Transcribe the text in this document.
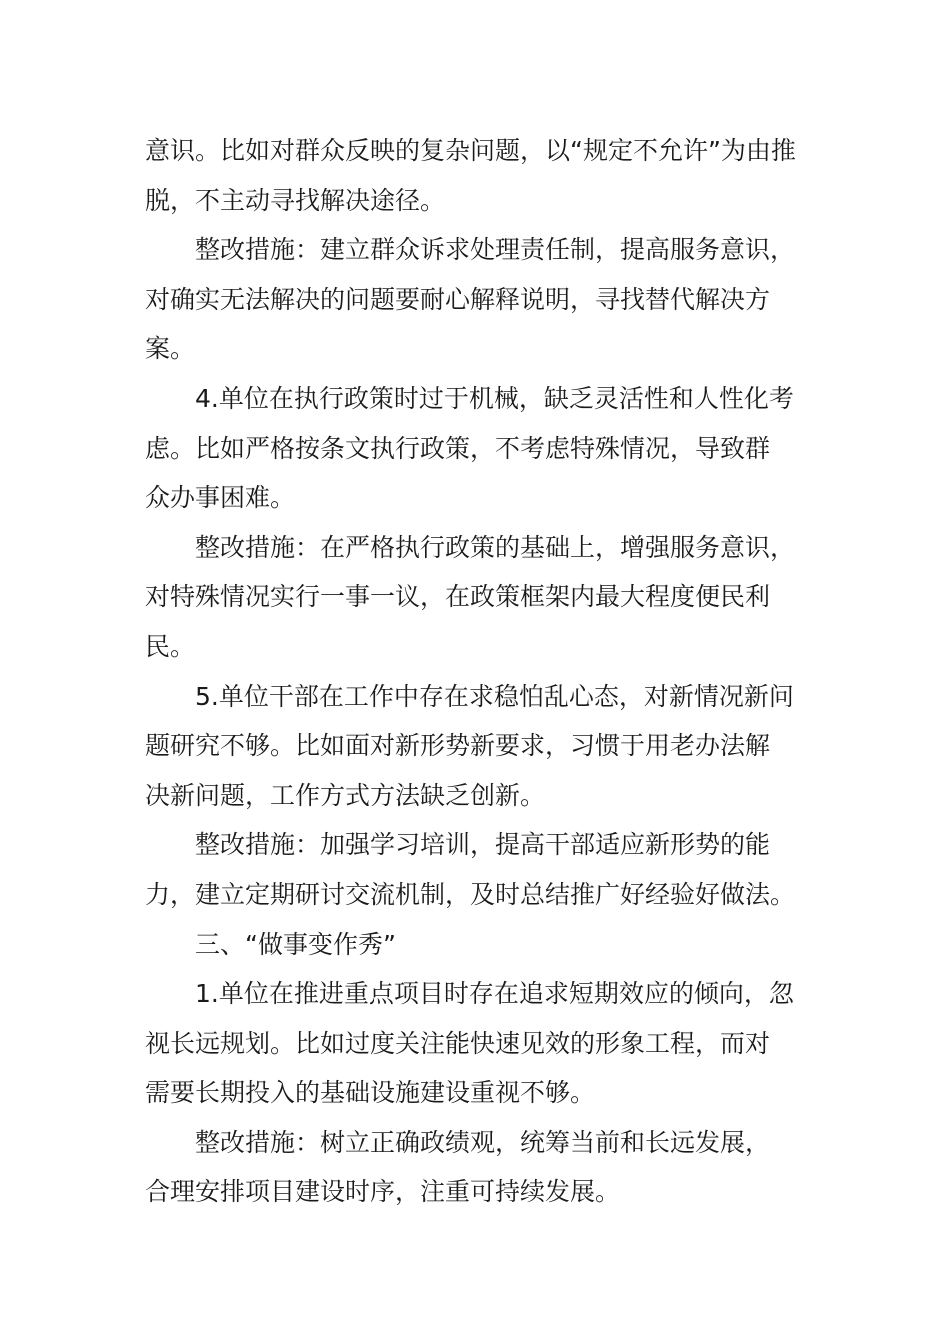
意识。比如对群众反映的复杂问题，以“规定不允许”为由推
脱，不主动寻找解决途径。
整改措施：建立群众诉求处理责任制，提高服务意识，
对确实无法解决的问题要耐心解释说明，寻找替代解决方
案。
4.单位在执行政策时过于机械，缺乏灵活性和人性化考
虑。比如严格按条文执行政策，不考虑特殊情况，导致群
众办事困难。
整改措施：在严格执行政策的基础上，增强服务意识，
对特殊情况实行一事一议，在政策框架内最大程度便民利
民。
5.单位干部在工作中存在求稳怕乱心态，对新情况新问
题研究不够。比如面对新形势新要求，习惯于用老办法解
决新问题，工作方式方法缺乏创新。
整改措施：加强学习培训，提高干部适应新形势的能
力，建立定期研讨交流机制，及时总结推广好经验好做法。
三、“做事变作秀”
1.单位在推进重点项目时存在追求短期效应的倾向，忽
视长远规划。比如过度关注能快速见效的形象工程，而对
需要长期投入的基础设施建设重视不够。
整改措施：树立正确政绩观，统筹当前和长远发展，
合理安排项目建设时序，注重可持续发展。
